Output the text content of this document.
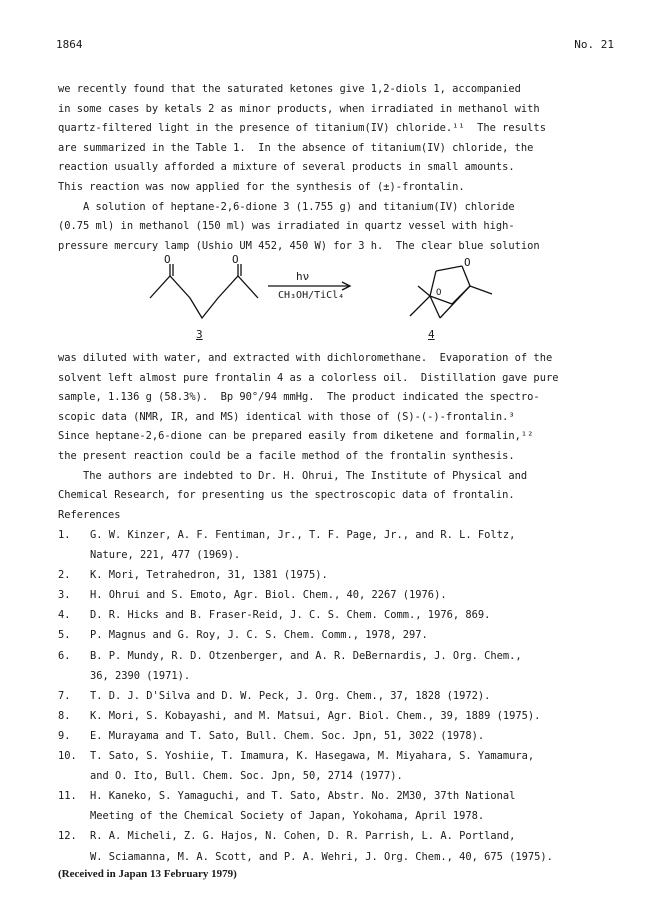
1864	No. 21
we recently found that the saturated ketones give 1,2-diols 1, accompanied
in some cases by ketals 2 as minor products, when irradiated in methanol with
quartz-filtered light in the presence of titanium(IV) chloride.¹¹  The results
are summarized in the Table 1.  In the absence of titanium(IV) chloride, the
reaction usually afforded a mixture of several products in small amounts.
This reaction was now applied for the synthesis of (±)-frontalin.
A solution of heptane-2,6-dione 3 (1.755 g) and titanium(IV) chloride
(0.75 ml) in methanol (150 ml) was irradiated in quartz vessel with high-
pressure mercury lamp (Ushio UM 452, 450 W) for 3 h.  The clear blue solution
O	O
hν
CH₃OH/TiCl₄
O
O
3	4
was diluted with water, and extracted with dichloromethane.  Evaporation of the
solvent left almost pure frontalin 4 as a colorless oil.  Distillation gave pure
sample, 1.136 g (58.3%).  Bp 90°/94 mmHg.  The product indicated the spectro-
scopic data (NMR, IR, and MS) identical with those of (S)-(-)-frontalin.³
Since heptane-2,6-dione can be prepared easily from diketene and formalin,¹²
the present reaction could be a facile method of the frontalin synthesis.
The authors are indebted to Dr. H. Ohrui, The Institute of Physical and
Chemical Research, for presenting us the spectroscopic data of frontalin.
References
1.	G. W. Kinzer, A. F. Fentiman, Jr., T. F. Page, Jr., and R. L. Foltz,
Nature, 221, 477 (1969).
2.	K. Mori, Tetrahedron, 31, 1381 (1975).
3.	H. Ohrui and S. Emoto, Agr. Biol. Chem., 40, 2267 (1976).
4.	D. R. Hicks and B. Fraser-Reid, J. C. S. Chem. Comm., 1976, 869.
5.	P. Magnus and G. Roy, J. C. S. Chem. Comm., 1978, 297.
6.	B. P. Mundy, R. D. Otzenberger, and A. R. DeBernardis, J. Org. Chem.,
36, 2390 (1971).
7.	T. D. J. D'Silva and D. W. Peck, J. Org. Chem., 37, 1828 (1972).
8.	K. Mori, S. Kobayashi, and M. Matsui, Agr. Biol. Chem., 39, 1889 (1975).
9.	E. Murayama and T. Sato, Bull. Chem. Soc. Jpn, 51, 3022 (1978).
10.	T. Sato, S. Yoshiie, T. Imamura, K. Hasegawa, M. Miyahara, S. Yamamura,
and O. Ito, Bull. Chem. Soc. Jpn, 50, 2714 (1977).
11.	H. Kaneko, S. Yamaguchi, and T. Sato, Abstr. No. 2M30, 37th National
Meeting of the Chemical Society of Japan, Yokohama, April 1978.
12.	R. A. Micheli, Z. G. Hajos, N. Cohen, D. R. Parrish, L. A. Portland,
W. Sciamanna, M. A. Scott, and P. A. Wehri, J. Org. Chem., 40, 675 (1975).
(Received in Japan 13 February 1979)
